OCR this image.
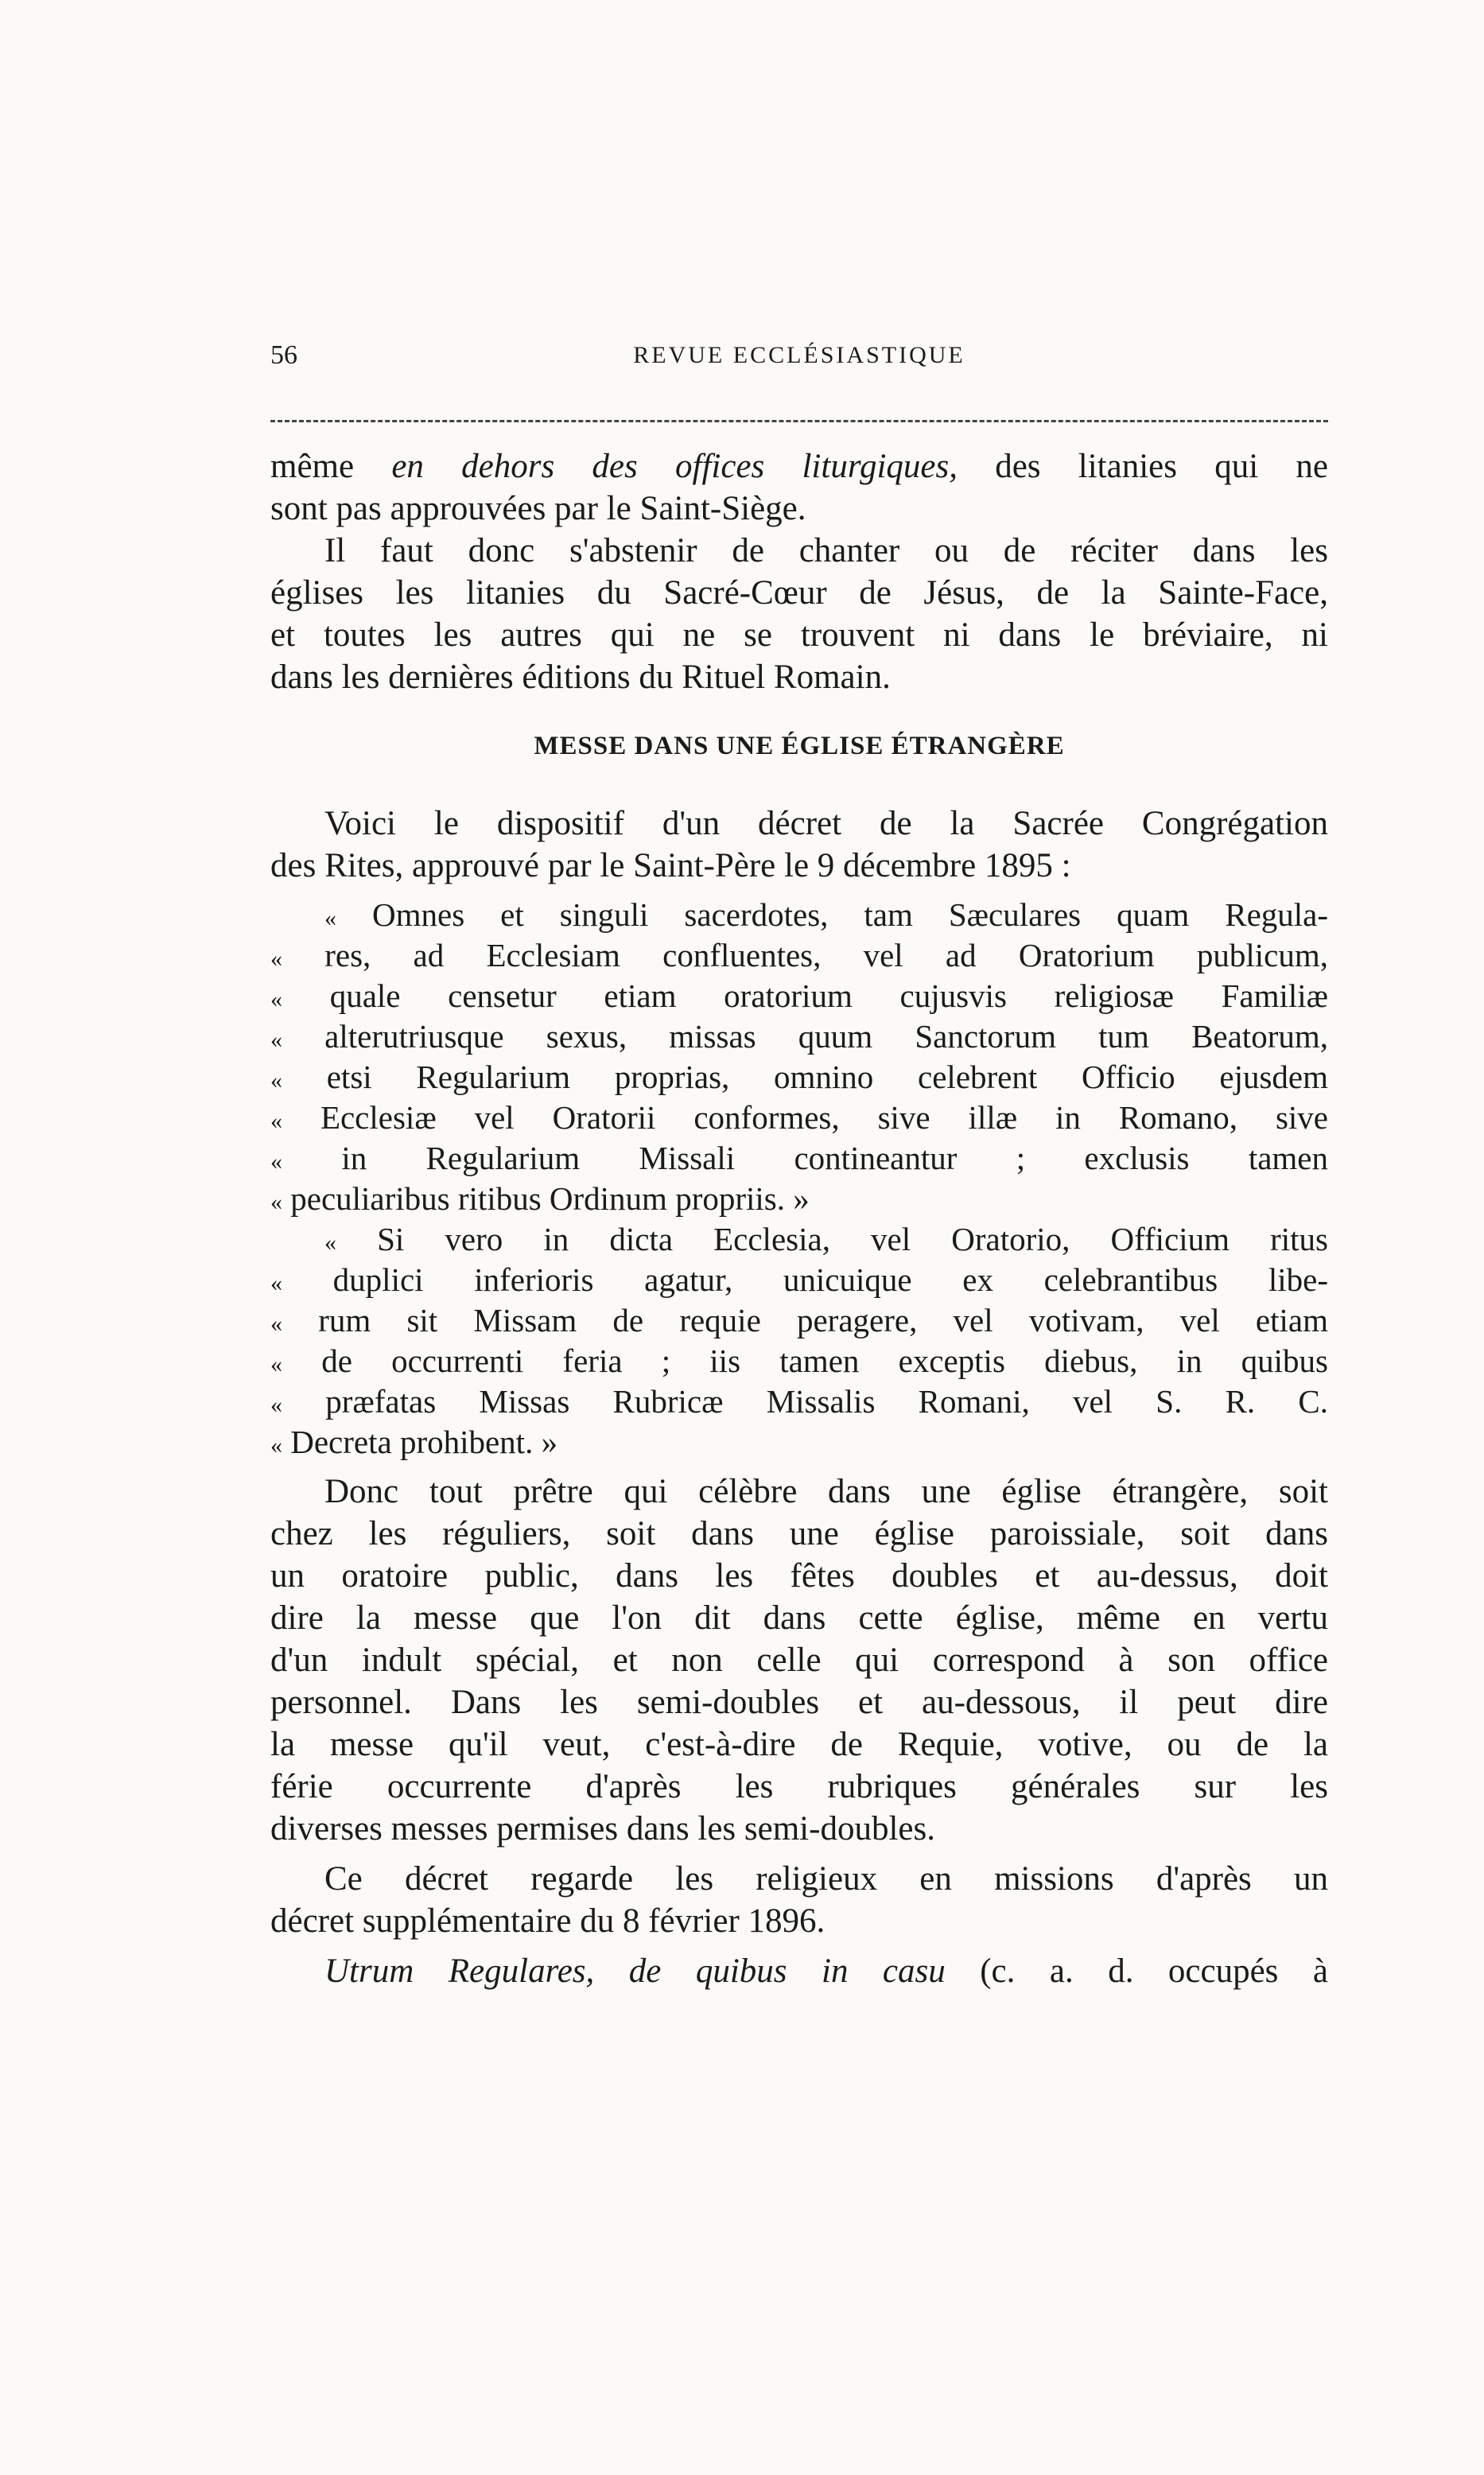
56	REVUE ECCLÉSIASTIQUE
même en dehors des offices liturgiques, des litanies qui ne
sont pas approuvées par le Saint-Siège.
Il faut donc s'abstenir de chanter ou de réciter dans les
églises les litanies du Sacré-Cœur de Jésus, de la Sainte-Face,
et toutes les autres qui ne se trouvent ni dans le bréviaire, ni
dans les dernières éditions du Rituel Romain.
MESSE DANS UNE ÉGLISE ÉTRANGÈRE
Voici le dispositif d'un décret de la Sacrée Congrégation
des Rites, approuvé par le Saint-Père le 9 décembre 1895 :
« Omnes et singuli sacerdotes, tam Sæculares quam Regula-
« res, ad Ecclesiam confluentes, vel ad Oratorium publicum,
« quale censetur etiam oratorium cujusvis religiosæ Familiæ
« alterutriusque sexus, missas quum Sanctorum tum Beatorum,
« etsi Regularium proprias, omnino celebrent Officio ejusdem
« Ecclesiæ vel Oratorii conformes, sive illæ in Romano, sive
« in Regularium Missali contineantur ; exclusis tamen
« peculiaribus ritibus Ordinum propriis. »
« Si vero in dicta Ecclesia, vel Oratorio, Officium ritus
« duplici inferioris agatur, unicuique ex celebrantibus libe-
« rum sit Missam de requie peragere, vel votivam, vel etiam
« de occurrenti feria ; iis tamen exceptis diebus, in quibus
« præfatas Missas Rubricæ Missalis Romani, vel S. R. C.
« Decreta prohibent. »
Donc tout prêtre qui célèbre dans une église étrangère, soit
chez les réguliers, soit dans une église paroissiale, soit dans
un oratoire public, dans les fêtes doubles et au-dessus, doit
dire la messe que l'on dit dans cette église, même en vertu
d'un indult spécial, et non celle qui correspond à son office
personnel. Dans les semi-doubles et au-dessous, il peut dire
la messe qu'il veut, c'est-à-dire de Requie, votive, ou de la
férie occurrente d'après les rubriques générales sur les
diverses messes permises dans les semi-doubles.
Ce décret regarde les religieux en missions d'après un
décret supplémentaire du 8 février 1896.
Utrum Regulares, de quibus in casu (c. a. d. occupés à
